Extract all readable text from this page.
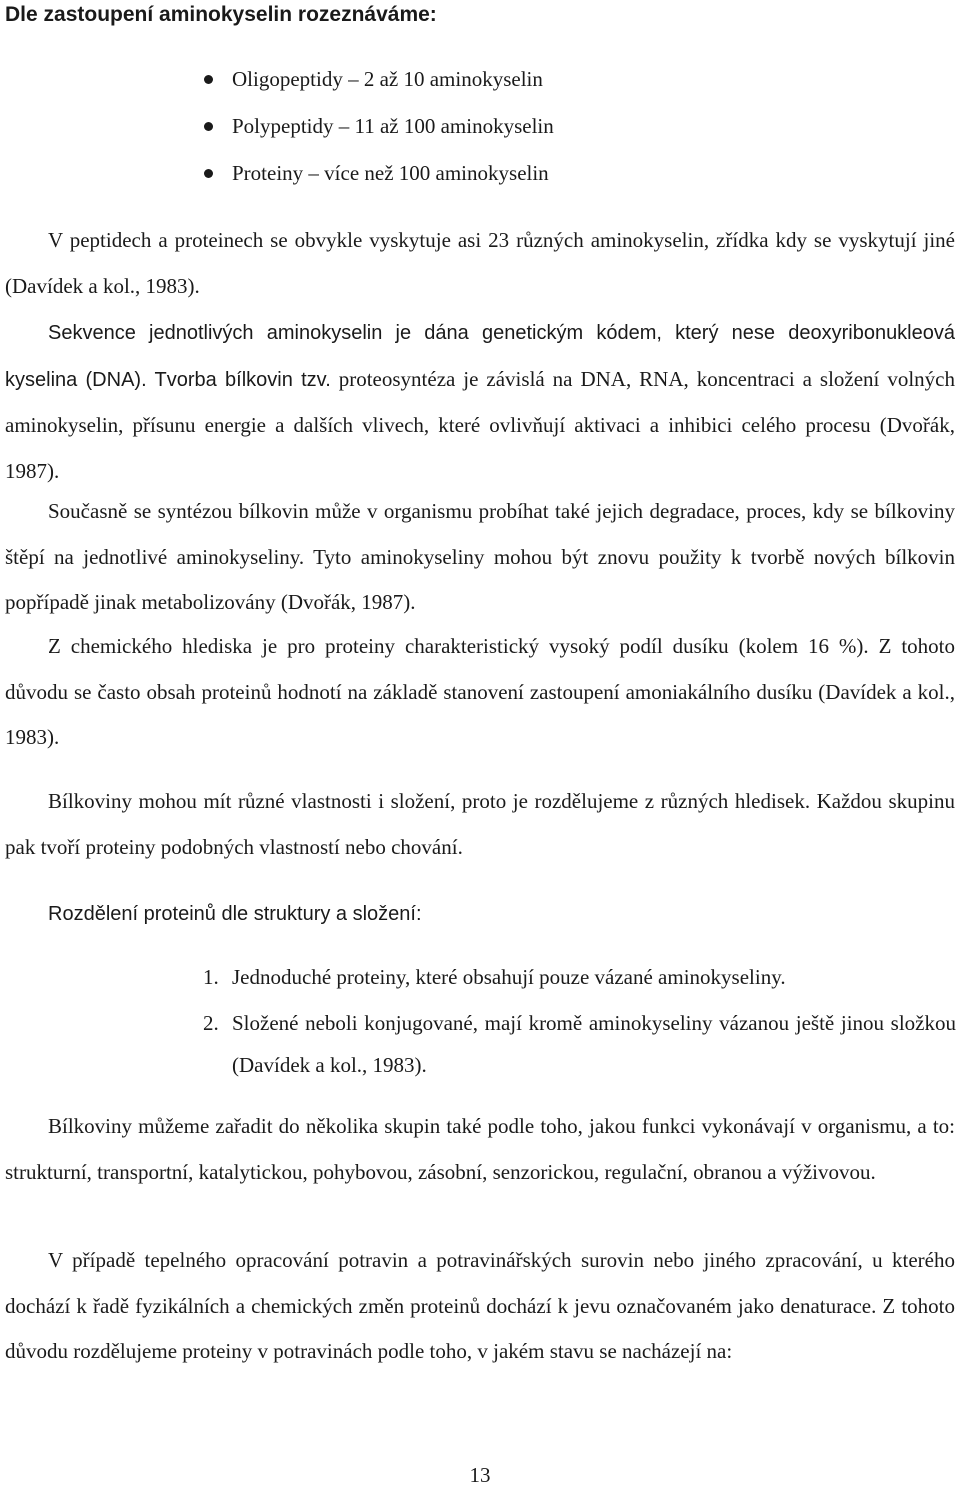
Dle zastoupení aminokyselin rozeznáváme:
Oligopeptidy – 2 až 10 aminokyselin
Polypeptidy – 11 až 100 aminokyselin
Proteiny – více než 100 aminokyselin

V peptidech a proteinech se obvykle vyskytuje asi 23 různých aminokyselin, zřídka kdy se vyskytují jiné (Davídek a kol., 1983).

Sekvence jednotlivých aminokyselin je dána genetickým kódem, který nese deoxyribonukleová kyselina (DNA). Tvorba bílkovin tzv. proteosyntéza je závislá na DNA, RNA, koncentraci a složení volných aminokyselin, přísunu energie a dalších vlivech, které ovlivňují aktivaci a inhibici celého procesu (Dvořák, 1987).

Současně se syntézou bílkovin může v organismu probíhat také jejich degradace, proces, kdy se bílkoviny štěpí na jednotlivé aminokyseliny. Tyto aminokyseliny mohou být znovu použity k tvorbě nových bílkovin popřípadě jinak metabolizovány (Dvořák, 1987).

Z chemického hlediska je pro proteiny charakteristický vysoký podíl dusíku (kolem 16 %). Z tohoto důvodu se často obsah proteinů hodnotí na základě stanovení zastoupení amoniakálního dusíku (Davídek a kol., 1983).

Bílkoviny mohou mít různé vlastnosti i složení, proto je rozdělujeme z různých hledisek. Každou skupinu pak tvoří proteiny podobných vlastností nebo chování.

Rozdělení proteinů dle struktury a složení:

1. Jednoduché proteiny, které obsahují pouze vázané aminokyseliny.
2. Složené neboli konjugované, mají kromě aminokyseliny vázanou ještě jinou složkou (Davídek a kol., 1983).

Bílkoviny můžeme zařadit do několika skupin také podle toho, jakou funkci vykonávají v organismu, a to: strukturní, transportní, katalytickou, pohybovou, zásobní, senzorickou, regulační, obranou a výživovou.

V případě tepelného opracování potravin a potravinářských surovin nebo jiného zpracování, u kterého dochází k řadě fyzikálních a chemických změn proteinů dochází k jevu označovaném jako denaturace. Z tohoto důvodu rozdělujeme proteiny v potravinách podle toho, v jakém stavu se nacházejí na:

13
